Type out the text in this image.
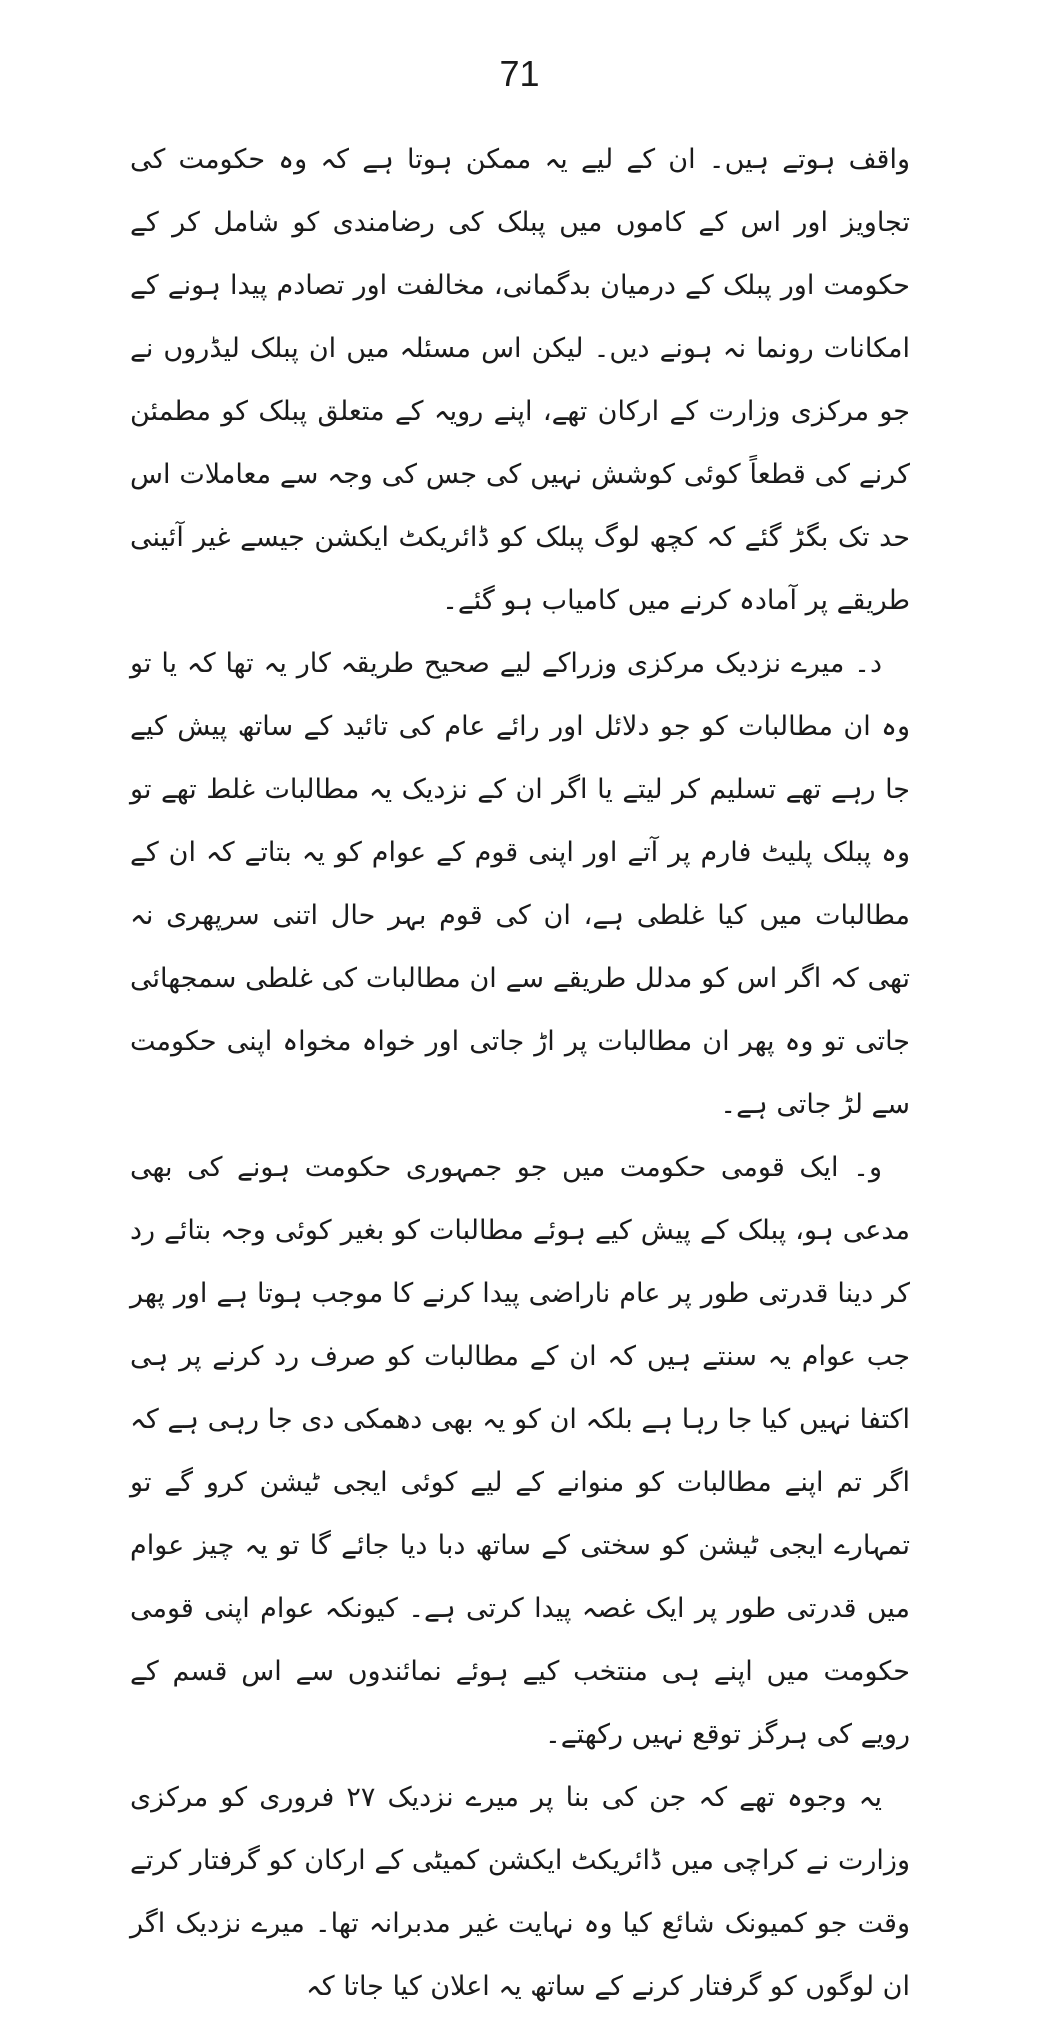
71

واقف ہوتے ہیں۔ ان کے لیے یہ ممکن ہوتا ہے کہ وہ حکومت کی تجاویز اور اس کے کاموں میں پبلک کی رضامندی کو شامل کر کے حکومت اور پبلک کے درمیان بدگمانی، مخالفت اور تصادم پیدا ہونے کے امکانات رونما نہ ہونے دیں۔ لیکن اس مسئلہ میں ان پبلک لیڈروں نے جو مرکزی وزارت کے ارکان تھے، اپنے رویہ کے متعلق پبلک کو مطمئن کرنے کی قطعاً کوئی کوشش نہیں کی جس کی وجہ سے معاملات اس حد تک بگڑ گئے کہ کچھ لوگ پبلک کو ڈائریکٹ ایکشن جیسے غیر آئینی طریقے پر آمادہ کرنے میں کامیاب ہو گئے۔

د۔ میرے نزدیک مرکزی وزراکے لیے صحیح طریقہ کار یہ تھا کہ یا تو وہ ان مطالبات کو جو دلائل اور رائے عام کی تائید کے ساتھ پیش کیے جا رہے تھے تسلیم کر لیتے یا اگر ان کے نزدیک یہ مطالبات غلط تھے تو وہ پبلک پلیٹ فارم پر آتے اور اپنی قوم کے عوام کو یہ بتاتے کہ ان کے مطالبات میں کیا غلطی ہے، ان کی قوم بہر حال اتنی سرپھری نہ تھی کہ اگر اس کو مدلل طریقے سے ان مطالبات کی غلطی سمجھائی جاتی تو وہ پھر ان مطالبات پر اڑ جاتی اور خواہ مخواہ اپنی حکومت سے لڑ جاتی ہے۔

و۔ ایک قومی حکومت میں جو جمہوری حکومت ہونے کی بھی مدعی ہو، پبلک کے پیش کیے ہوئے مطالبات کو بغیر کوئی وجہ بتائے رد کر دینا قدرتی طور پر عام ناراضی پیدا کرنے کا موجب ہوتا ہے اور پھر جب عوام یہ سنتے ہیں کہ ان کے مطالبات کو صرف رد کرنے پر ہی اکتفا نہیں کیا جا رہا ہے بلکہ ان کو یہ بھی دھمکی دی جا رہی ہے کہ اگر تم اپنے مطالبات کو منوانے کے لیے کوئی ایجی ٹیشن کرو گے تو تمہارے ایجی ٹیشن کو سختی کے ساتھ دبا دیا جائے گا تو یہ چیز عوام میں قدرتی طور پر ایک غصہ پیدا کرتی ہے۔ کیونکہ عوام اپنی قومی حکومت میں اپنے ہی منتخب کیے ہوئے نمائندوں سے اس قسم کے رویے کی ہرگز توقع نہیں رکھتے۔

یہ وجوہ تھے کہ جن کی بنا پر میرے نزدیک ۲۷ فروری کو مرکزی وزارت نے کراچی میں ڈائریکٹ ایکشن کمیٹی کے ارکان کو گرفتار کرتے وقت جو کمیونک شائع کیا وہ نہایت غیر مدبرانہ تھا۔ میرے نزدیک اگر ان لوگوں کو گرفتار کرنے کے ساتھ یہ اعلان کیا جاتا کہ
